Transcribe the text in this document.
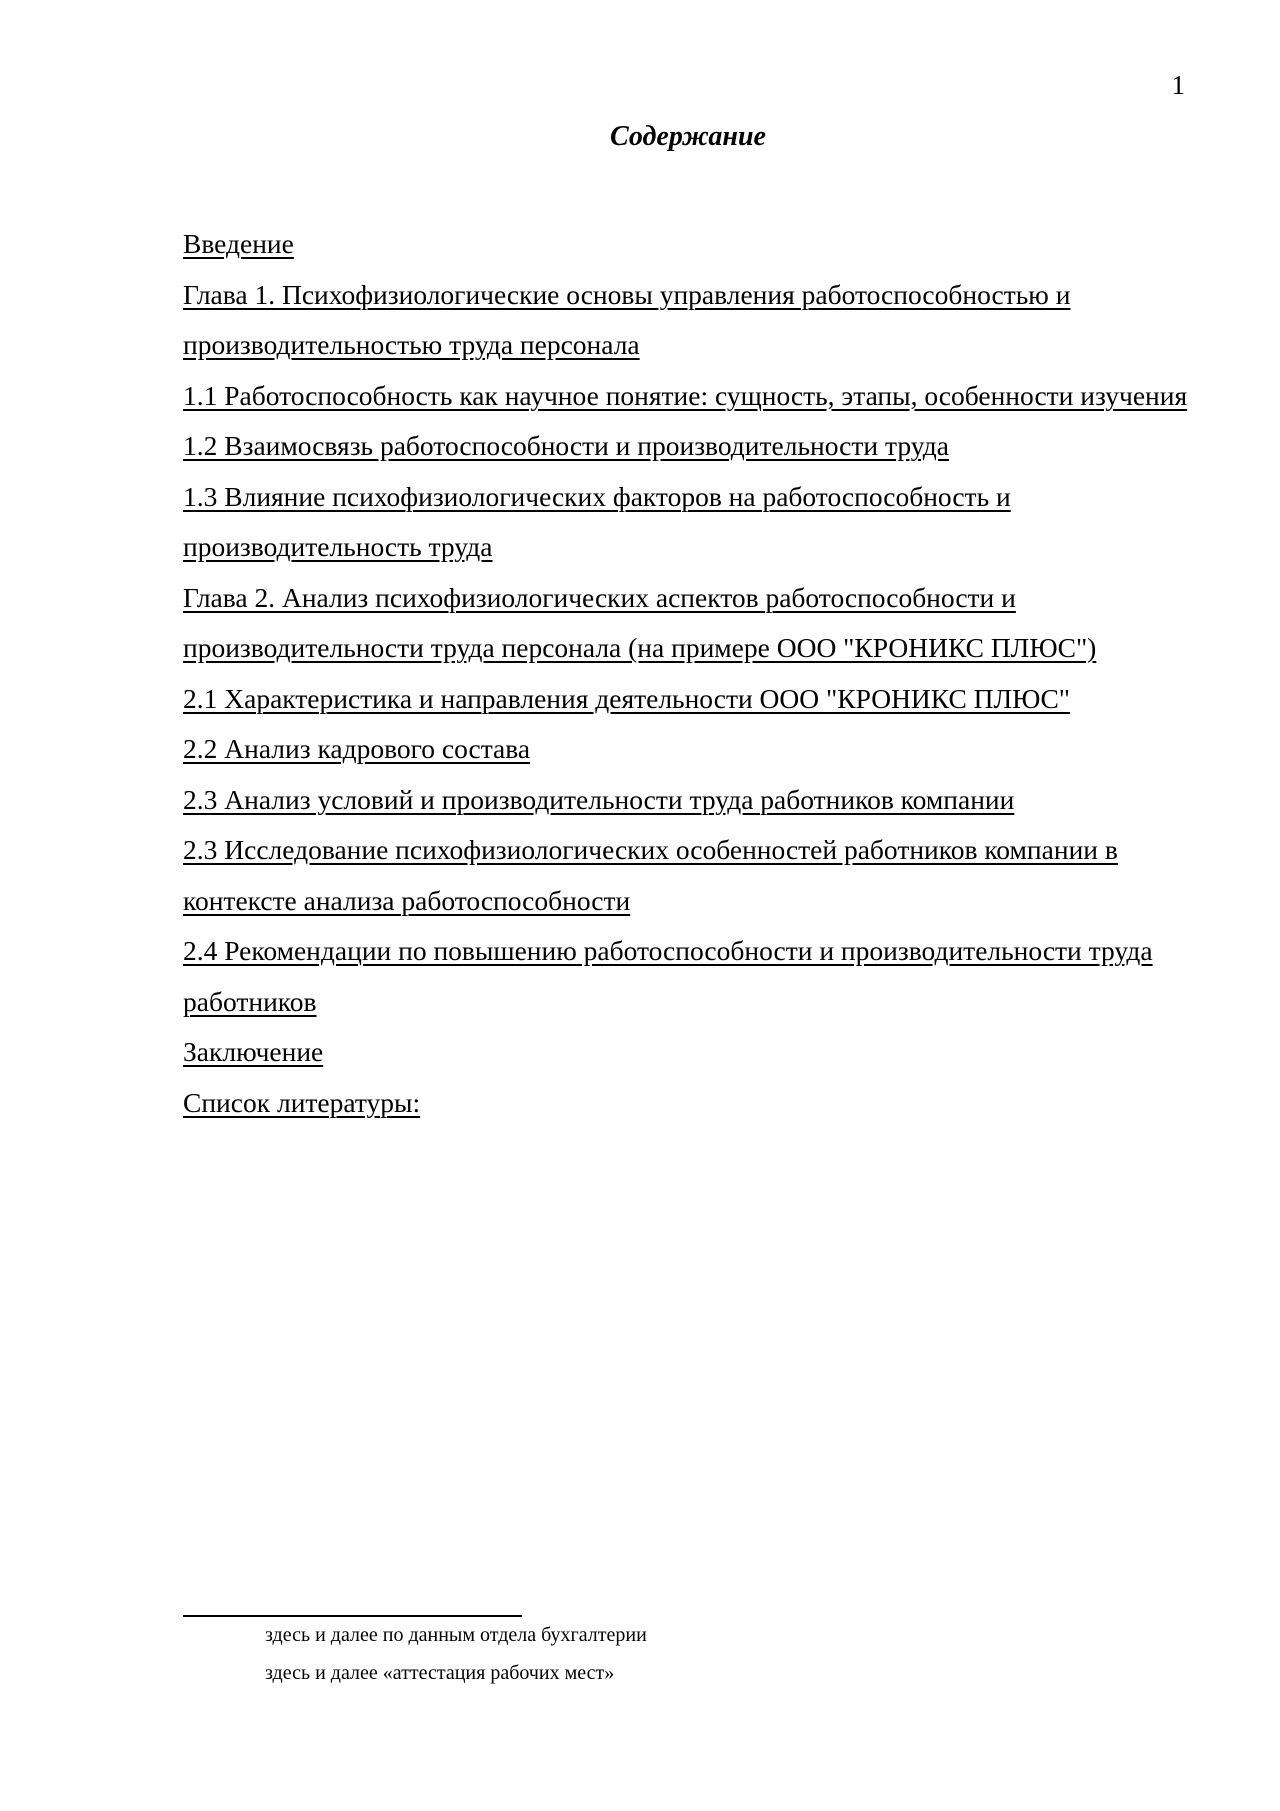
1
Содержание
Введение
Глава 1. Психофизиологические основы управления работоспособностью и производительностью труда персонала
1.1 Работоспособность как научное понятие: сущность, этапы, особенности изучения
1.2 Взаимосвязь работоспособности и производительности труда
1.3 Влияние психофизиологических факторов на работоспособность и производительность труда
Глава 2. Анализ психофизиологических аспектов работоспособности и производительности труда персонала (на примере ООО "КРОНИКС ПЛЮС")
2.1 Характеристика и направления деятельности ООО "КРОНИКС ПЛЮС"
2.2 Анализ кадрового состава
2.3 Анализ условий и производительности труда работников компании
2.3 Исследование психофизиологических особенностей работников компании в контексте анализа работоспособности
2.4 Рекомендации по повышению работоспособности и производительности труда работников
Заключение
Список литературы:
здесь и далее по данным отдела бухгалтерии
здесь и далее «аттестация рабочих мест»
